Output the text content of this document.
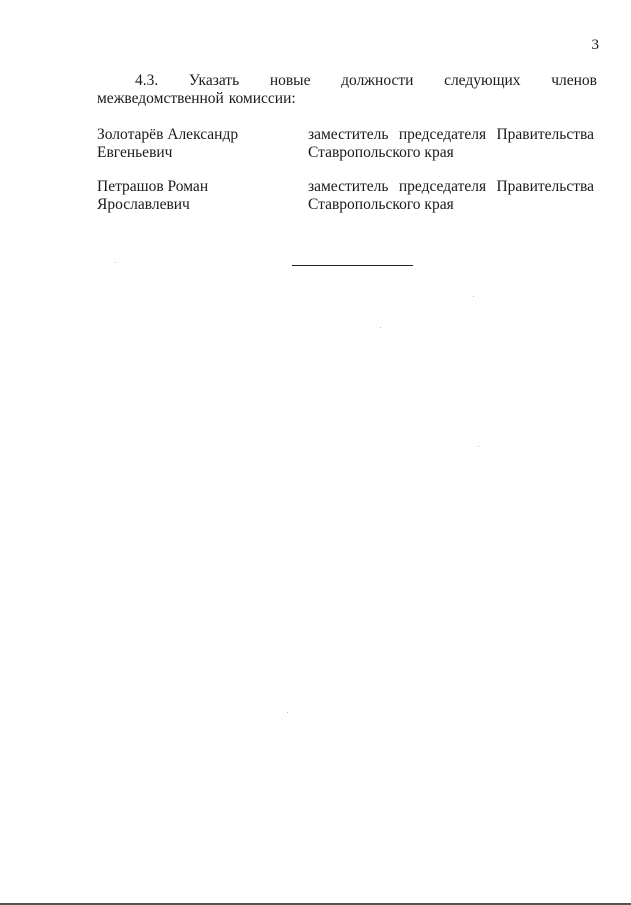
3

4.3. Указать новые должности следующих членов межведомственной комиссии:

Золотарёв Александр
Евгеньевич
заместитель председателя Правительства
Ставропольского края
Петрашов Роман
Ярославлевич
заместитель председателя Правительства
Ставропольского края
